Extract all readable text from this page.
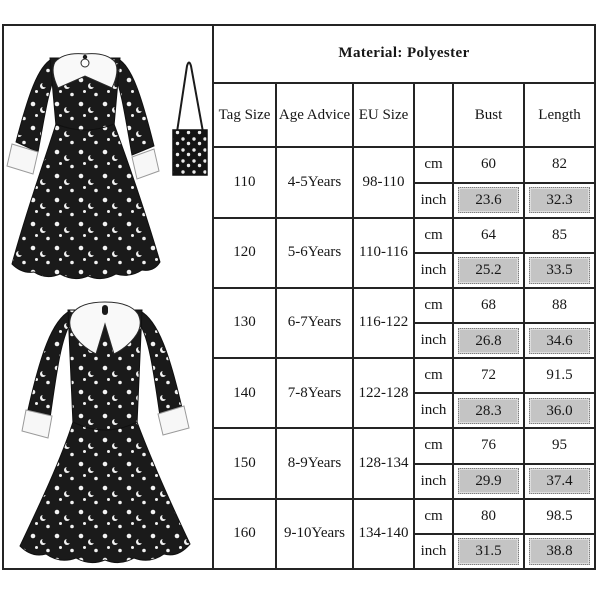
Material: Polyester					
Tag Size	Age Advice	EU Size		Bust	Length
110	4-5Years	98-110	cm	60	82
			inch	23.6	32.3

120	5-6Years	110-116	cm	64	85
			inch	25.2	33.5

130	6-7Years	116-122	cm	68	88
			inch	26.8	34.6

140	7-8Years	122-128	cm	72	91.5
			inch	28.3	36.0

150	8-9Years	128-134	cm	76	95
			inch	29.9	37.4

160	9-10Years	134-140	cm	80	98.5
			inch	31.5	38.8
